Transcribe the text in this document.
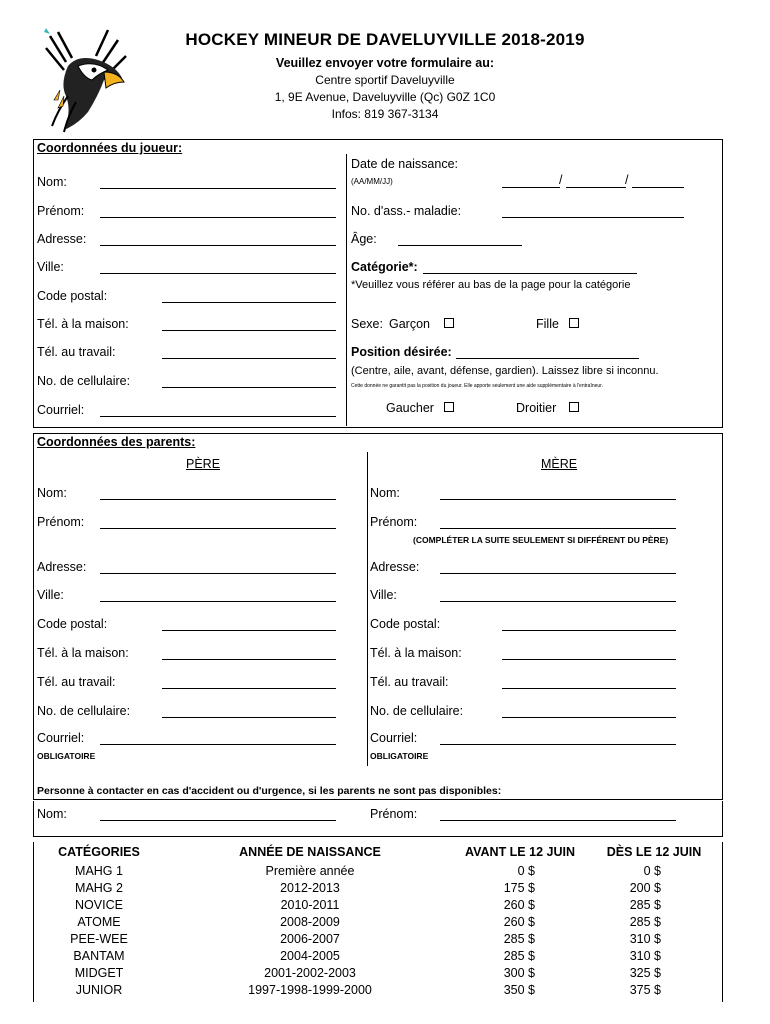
HOCKEY MINEUR DE DAVELUYVILLE 2018-2019
Veuillez envoyer votre formulaire au:
Centre sportif Daveluyville
1, 9E Avenue, Daveluyville (Qc) G0Z 1C0
Infos: 819 367-3134
Coordonnées du joueur:
Nom:
Prénom:
Adresse:
Ville:
Code postal:
Tél. à la maison:
Tél. au travail:
No. de cellulaire:
Courriel:
Date de naissance:
(AA/MM/JJ)	/	/
No. d'ass.- maladie:
Âge:
Catégorie*:
*Veuillez vous référer au bas de la page pour la catégorie
Sexe: Garçon	Fille
Position désirée:
(Centre, aile, avant, défense, gardien). Laissez libre si inconnu.
Cette donnée ne garantit pas la position du joueur. Elle apporte seulement une aide supplémentaire à l'entraîneur.
Gaucher	Droitier
Coordonnées des parents:
PÈRE	MÈRE
Nom:
Prénom:
Adresse:
Ville:
Code postal:
Tél. à la maison:
Tél. au travail:
No. de cellulaire:
Courriel:
OBLIGATOIRE
Nom:
Prénom:
(COMPLÉTER LA SUITE SEULEMENT SI DIFFÉRENT DU PÈRE)
Adresse:
Ville:
Code postal:
Tél. à la maison:
Tél. au travail:
No. de cellulaire:
Courriel:
OBLIGATOIRE
Personne à contacter en cas d'accident ou d'urgence, si les parents ne sont pas disponibles:
Nom:	Prénom:
CATÉGORIES	ANNÉE DE NAISSANCE	AVANT LE 12 JUIN	DÈS LE 12 JUIN
MAHG 1	Première année	0 $	0 $
MAHG 2	2012-2013	175 $	200 $
NOVICE	2010-2011	260 $	285 $
ATOME	2008-2009	260 $	285 $
PEE-WEE	2006-2007	285 $	310 $
BANTAM	2004-2005	285 $	310 $
MIDGET	2001-2002-2003	300 $	325 $
JUNIOR	1997-1998-1999-2000	350 $	375 $
